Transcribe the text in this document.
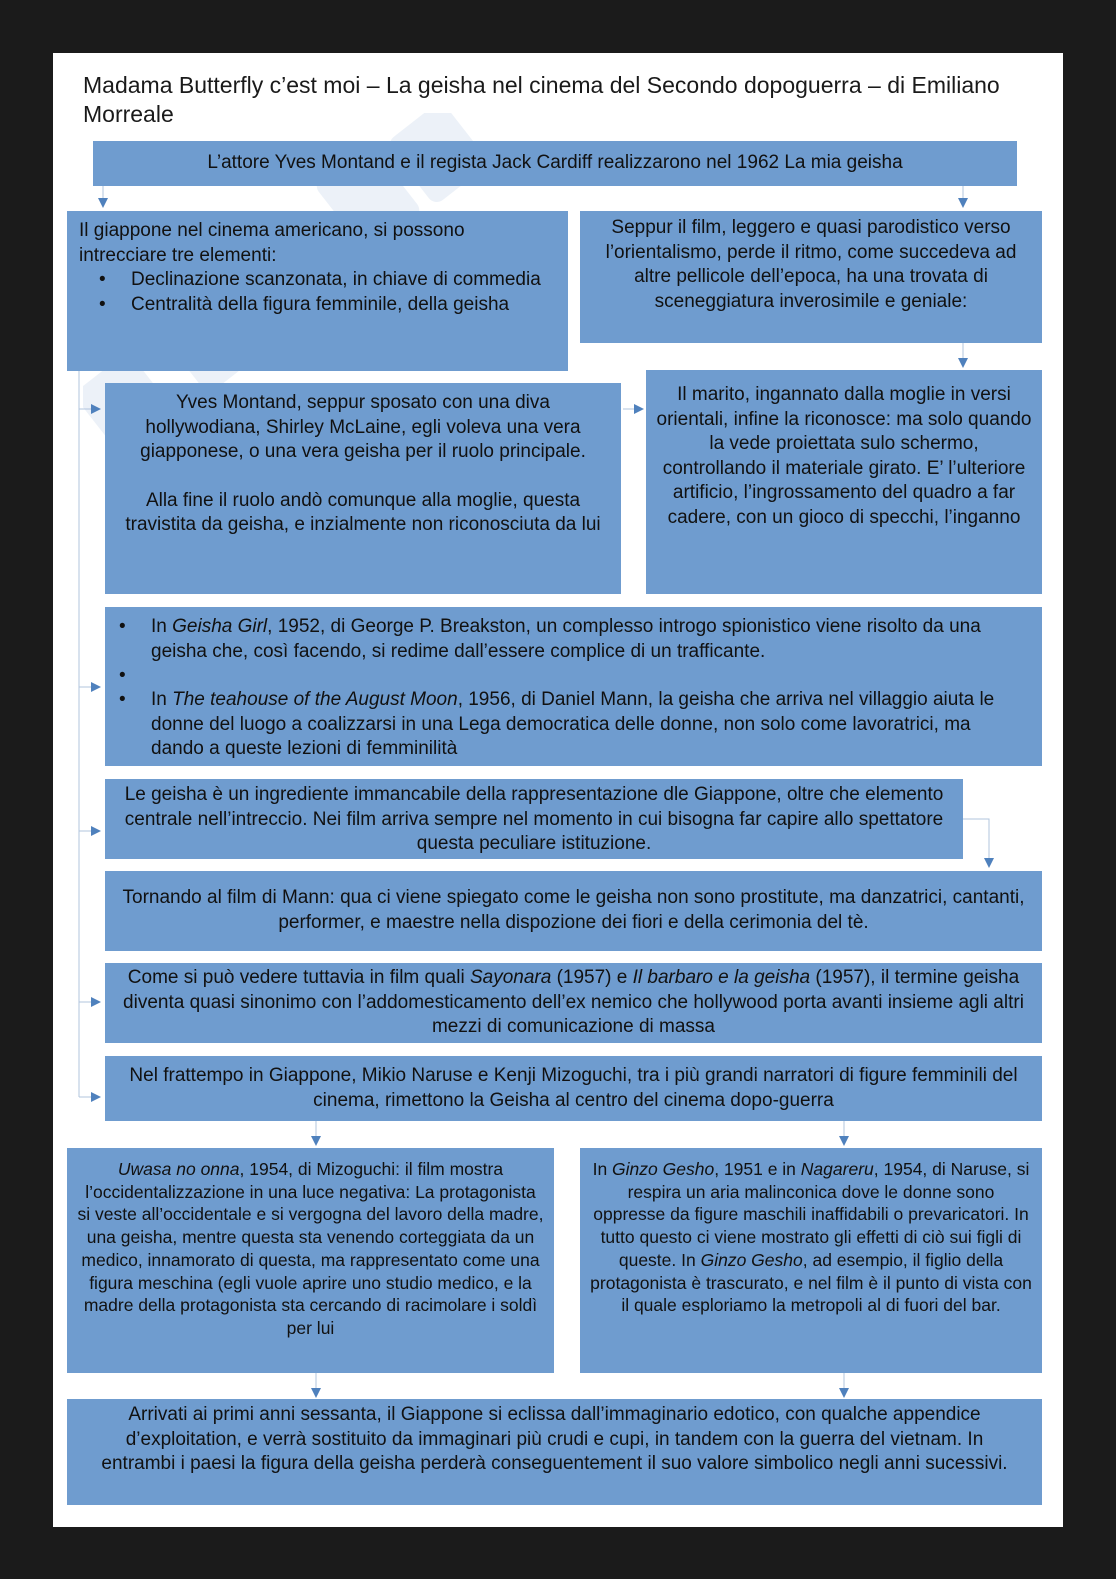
Madama Butterfly c’est moi – La geisha nel cinema del Secondo dopoguerra – di Emiliano Morreale
L’attore Yves Montand e il regista Jack Cardiff realizzarono nel 1962 La mia geisha
Il giappone nel cinema americano, si possono intrecciare tre elementi:
• Declinazione scanzonata, in chiave di commedia
• Centralità della figura femminile, della geisha
Seppur il film, leggero e quasi parodistico verso l’orientalismo, perde il ritmo, come succedeva ad altre pellicole dell’epoca, ha una trovata di sceneggiatura inverosimile e geniale:

Yves Montand, seppur sposato con una diva hollywodiana, Shirley McLaine, egli voleva una vera giapponese, o una vera geisha per il ruolo principale.

Alla fine il ruolo andò comunque alla moglie, questa travistita da geisha, e inzialmente non riconosciuta da lui

Il marito, ingannato dalla moglie in versi orientali, infine la riconosce: ma solo quando la vede proiettata sulo schermo, controllando il materiale girato. E’ l’ulteriore artificio, l’ingrossamento del quadro a far cadere, con un gioco di specchi, l’inganno
• In Geisha Girl, 1952, di George P. Breakston, un complesso introgo spionistico viene risolto da una geisha che, così facendo, si redime dall’essere complice di un trafficante.
•
• In The teahouse of the August Moon, 1956, di Daniel Mann, la geisha che arriva nel villaggio aiuta le donne del luogo a coalizzarsi in una Lega democratica delle donne, non solo come lavoratrici, ma dando a queste lezioni di femminilità
Le geisha è un ingrediente immancabile della rappresentazione dle Giappone, oltre che elemento centrale nell’intreccio. Nei film arriva sempre nel momento in cui bisogna far capire allo spettatore questa peculiare istituzione.
Tornando al film di Mann: qua ci viene spiegato come le geisha non sono prostitute, ma danzatrici, cantanti, performer, e maestre nella dispozione dei fiori e della cerimonia del tè.
Come si può vedere tuttavia in film quali Sayonara (1957) e Il barbaro e la geisha (1957), il termine geisha diventa quasi sinonimo con l’addomesticamento dell’ex nemico che hollywood porta avanti insieme agli altri mezzi di comunicazione di massa
Nel frattempo in Giappone, Mikio Naruse e Kenji Mizoguchi, tra i più grandi narratori di figure femminili del cinema, rimettono la Geisha al centro del cinema dopo-guerra
Uwasa no onna, 1954, di Mizoguchi: il film mostra l’occidentalizzazione in una luce negativa: La protagonista si veste all’occidentale e si vergogna del lavoro della madre, una geisha, mentre questa sta venendo corteggiata da un medico, innamorato di questa, ma rappresentato come una figura meschina (egli vuole aprire uno studio medico, e la madre della protagonista sta cercando di racimolare i soldì per lui
In Ginzo Gesho, 1951 e in Nagareru, 1954, di Naruse, si respira un aria malinconica dove le donne sono oppresse da figure maschili inaffidabili o prevaricatori. In tutto questo ci viene mostrato gli effetti di ciò sui figli di queste. In Ginzo Gesho, ad esempio, il figlio della protagonista è trascurato, e nel film è il punto di vista con il quale esploriamo la metropoli al di fuori del bar.
Arrivati ai primi anni sessanta, il Giappone si eclissa dall’immaginario edotico, con qualche appendice d’exploitation, e verrà sostituito da immaginari più crudi e cupi, in tandem con la guerra del vietnam. In entrambi i paesi la figura della geisha perderà conseguentement il suo valore simbolico negli anni sucessivi.
